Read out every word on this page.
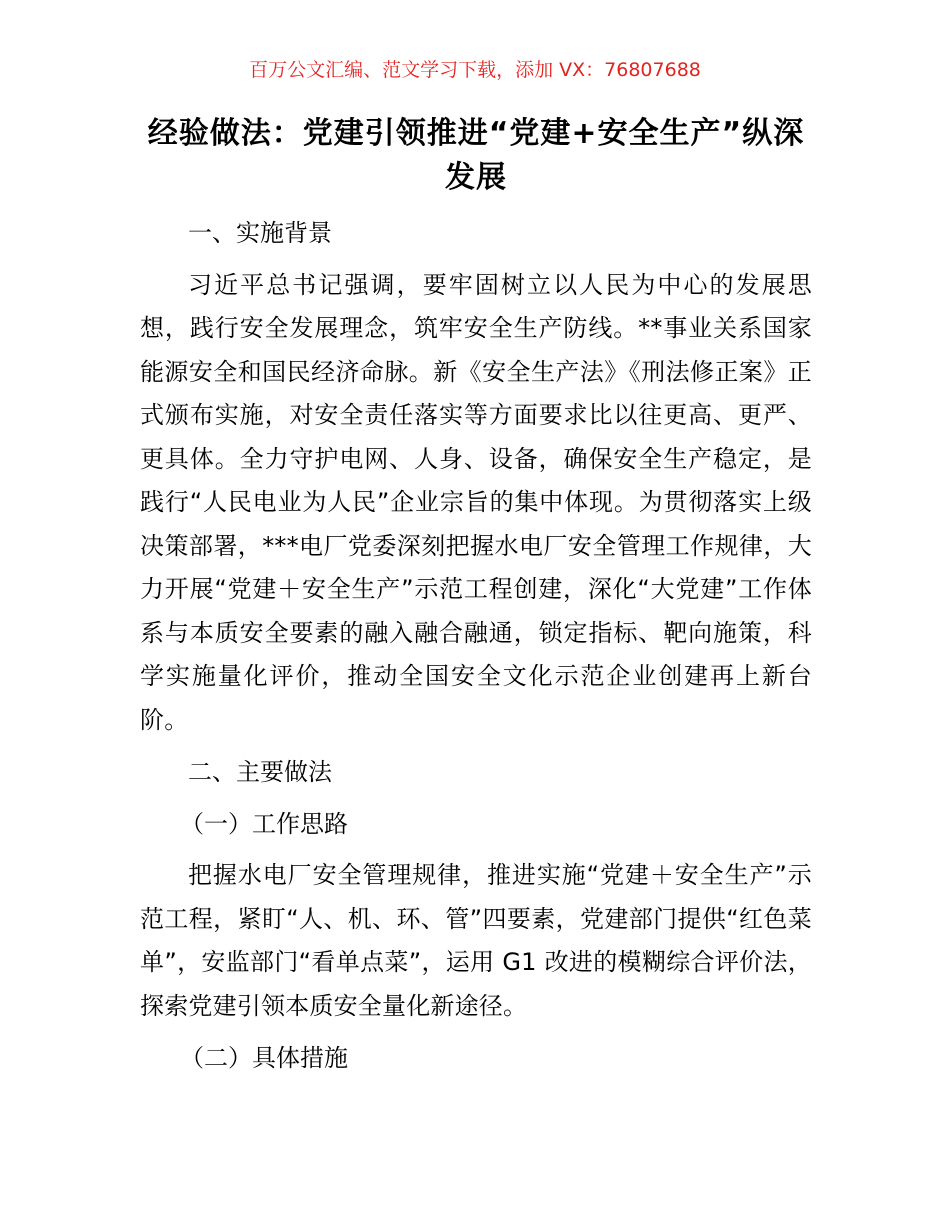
百万公文汇编、范文学习下载，添加 VX：76807688
经验做法：党建引领推进“党建+安全生产”纵深发展

一、实施背景

习近平总书记强调，要牢固树立以人民为中心的发展思想，践行安全发展理念，筑牢安全生产防线。**事业关系国家能源安全和国民经济命脉。新《安全生产法》《刑法修正案》正式颁布实施，对安全责任落实等方面要求比以往更高、更严、更具体。全力守护电网、人身、设备，确保安全生产稳定，是践行“人民电业为人民”企业宗旨的集中体现。为贯彻落实上级决策部署，***电厂党委深刻把握水电厂安全管理工作规律，大力开展“党建＋安全生产”示范工程创建，深化“大党建”工作体系与本质安全要素的融入融合融通，锁定指标、靶向施策，科学实施量化评价，推动全国安全文化示范企业创建再上新台阶。

二、主要做法

（一）工作思路

把握水电厂安全管理规律，推进实施“党建＋安全生产”示范工程，紧盯“人、机、环、管”四要素，党建部门提供“红色菜单”，安监部门“看单点菜”，运用 G1 改进的模糊综合评价法，探索党建引领本质安全量化新途径。

（二）具体措施
